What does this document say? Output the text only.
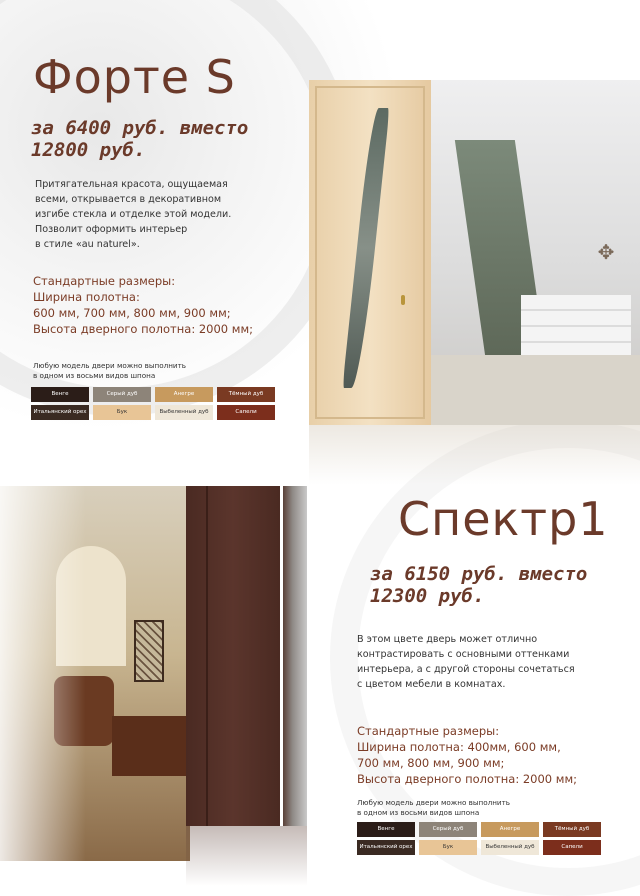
Форте S
за 6400 руб. вместо
12800 руб.
Притягательная красота, ощущаемая
всеми, открывается в декоративном
изгибе стекла и отделке этой модели.
Позволит оформить интерьер
в стиле «au naturel».
Стандартные размеры:
Ширина полотна:
600 мм, 700 мм, 800 мм, 900 мм;
Высота дверного полотна: 2000 мм;
Любую модель двери можно выполнить
в одном из восьми видов шпона
Венге	Серый дуб	Анегре	Тёмный дуб
Итальянский орех	Бук	Выбеленный дуб	Сапели
✥
Спектр1
за 6150 руб. вместо
12300 руб.
В этом цвете дверь может отлично
контрастировать с основными оттенками
интерьера, а с другой стороны сочетаться
с цветом мебели в комнатах.
Стандартные размеры:
Ширина полотна: 400мм, 600 мм,
700 мм, 800 мм, 900 мм;
Высота дверного полотна: 2000 мм;
Любую модель двери можно выполнить
в одном из восьми видов шпона
Венге	Серый дуб	Анегре	Тёмный дуб
Итальянский орех	Бук	Выбеленный дуб	Сапели
